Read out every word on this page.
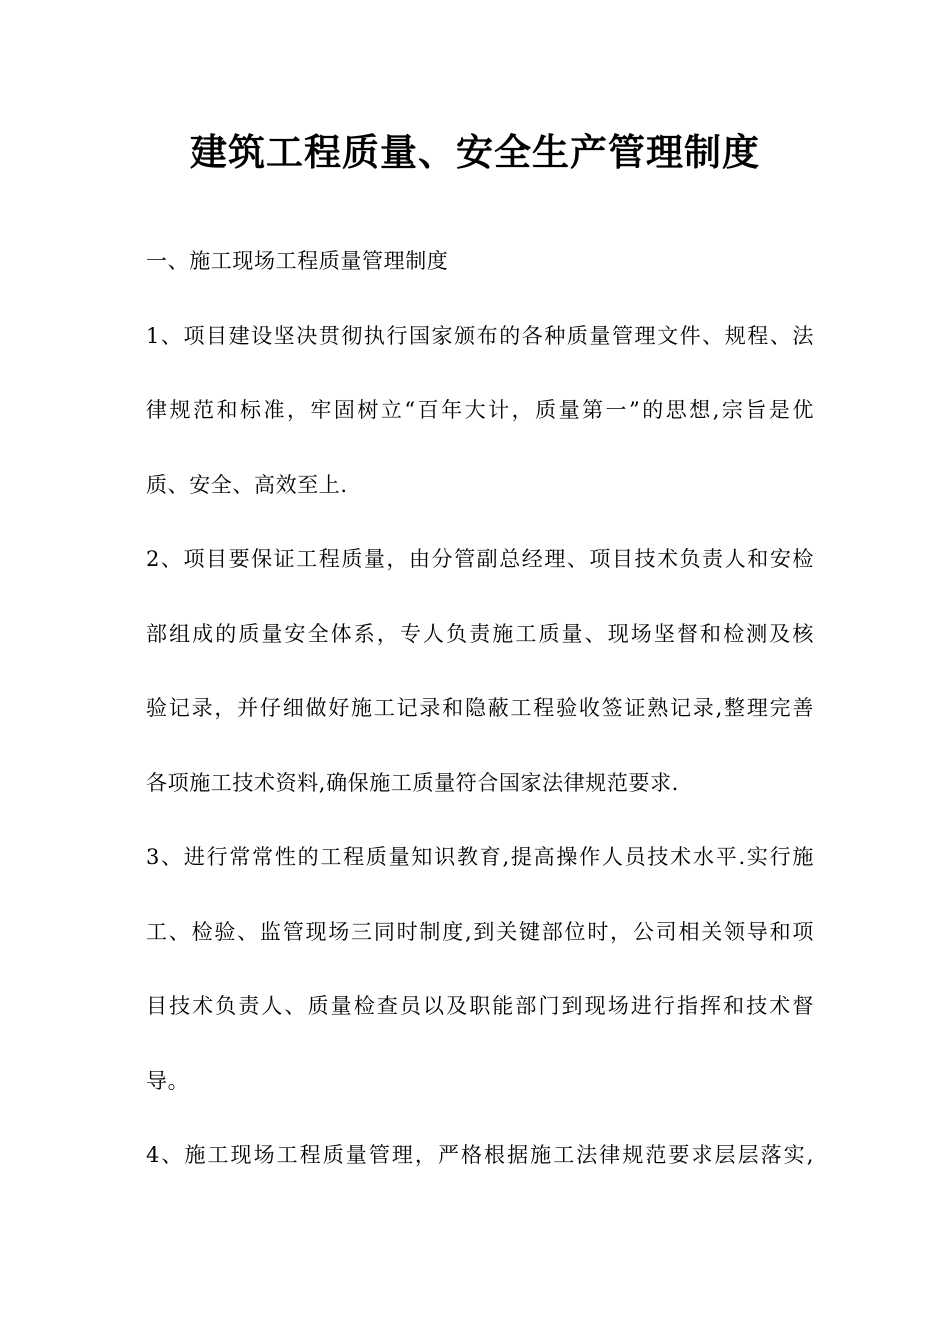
建筑工程质量、安全生产管理制度

一、施工现场工程质量管理制度

1、项目建设坚决贯彻执行国家颁布的各种质量管理文件、规程、法
律规范和标准，牢固树立“百年大计，质量第一”的思想,宗旨是优
质、安全、高效至上.

2、项目要保证工程质量，由分管副总经理、项目技术负责人和安检
部组成的质量安全体系，专人负责施工质量、现场坚督和检测及核
验记录，并仔细做好施工记录和隐蔽工程验收签证熟记录,整理完善
各项施工技术资料,确保施工质量符合国家法律规范要求.

3、进行常常性的工程质量知识教育,提高操作人员技术水平.实行施
工、检验、监管现场三同时制度,到关键部位时，公司相关领导和项
目技术负责人、质量检查员以及职能部门到现场进行指挥和技术督
导。

4、施工现场工程质量管理，严格根据施工法律规范要求层层落实,
